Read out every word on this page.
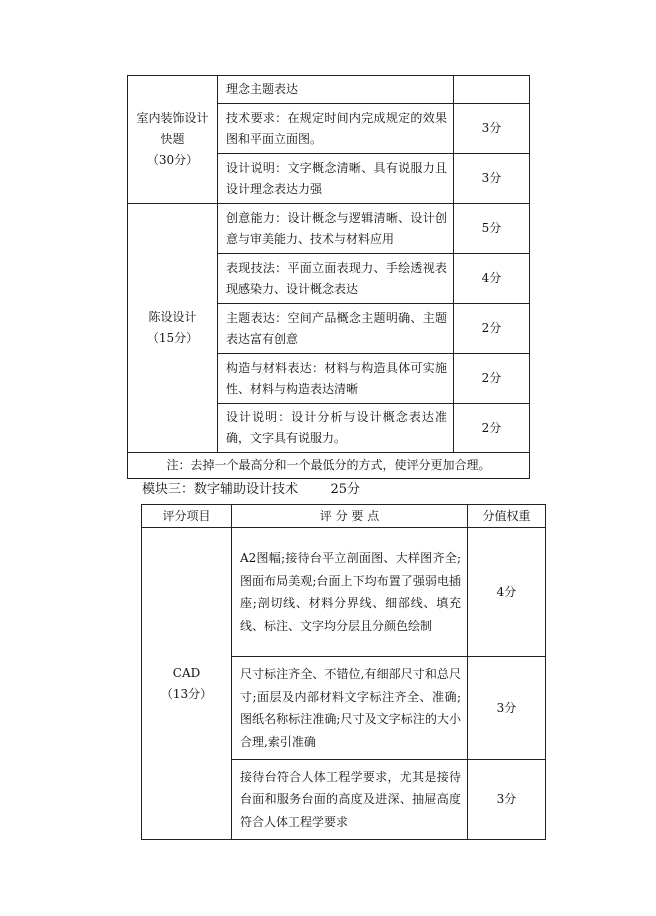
室内装饰设计
快题
（30分）	理念主题表达	
	技术要求：在规定时间内完成规定的效果图和平面立面图。	3分
	设计说明：文字概念清晰、具有说服力且设计理念表达力强	3分

陈设设计
（15分）	创意能力：设计概念与逻辑清晰、设计创意与审美能力、技术与材料应用	5分
	表现技法：平面立面表现力、手绘透视表现感染力、设计概念表达	4分
	主题表达：空间产品概念主题明确、主题表达富有创意	2分
	构造与材料表达：材料与构造具体可实施性、材料与构造表达清晰	2分
	设计说明：设计分析与设计概念表达准确，文字具有说服力。	2分
注：去掉一个最高分和一个最低分的方式，使评分更加合理。		
模块三：数字辅助设计技术	25分
评分项目	评 分 要 点	分值权重

CAD
（13分）	A2图幅;接待台平立剖面图、大样图齐全;图面布局美观;台面上下均布置了强弱电插座;剖切线、材料分界线、细部线、填充线、标注、文字均分层且分颜色绘制	4分
	尺寸标注齐全、不错位,有细部尺寸和总尺寸;面层及内部材料文字标注齐全、准确;图纸名称标注准确;尺寸及文字标注的大小合理,索引准确	3分
	接待台符合人体工程学要求，尤其是接待台面和服务台面的高度及进深、抽屉高度符合人体工程学要求	3分
